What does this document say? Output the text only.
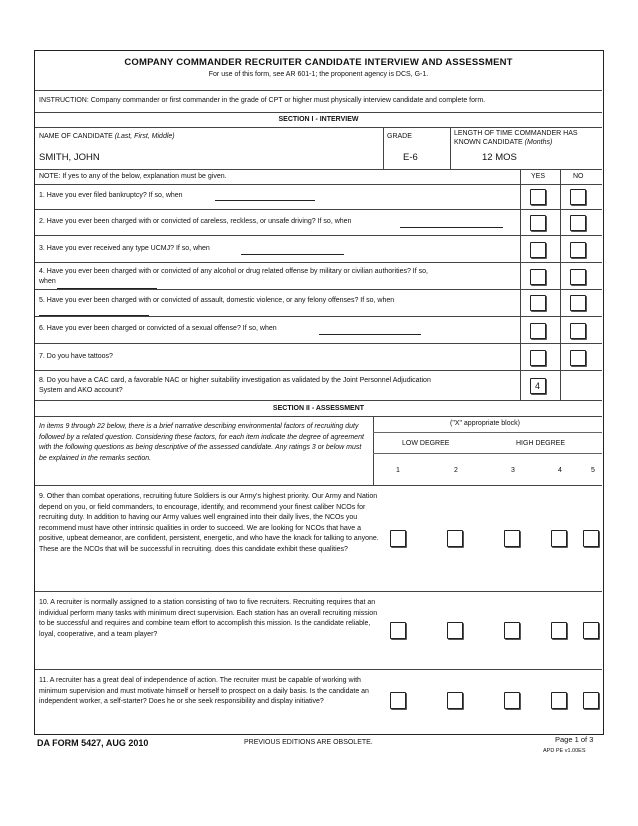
COMPANY COMMANDER RECRUITER CANDIDATE INTERVIEW AND ASSESSMENT
For use of this form, see AR 601-1; the proponent agency is DCS, G-1.
INSTRUCTION: Company commander or first commander in the grade of CPT or higher must physically interview candidate and complete form.
SECTION I - INTERVIEW
NAME OF CANDIDATE (Last, First, Middle)
SMITH, JOHN
GRADE
E-6
LENGTH OF TIME COMMANDER HAS
KNOWN CANDIDATE (Months)
12 MOS
NOTE: If yes to any of the below, explanation must be given.	YES	NO
1. Have you ever filed bankruptcy? If so, when
2. Have you ever been charged with or convicted of careless, reckless, or unsafe driving? If so, when
3. Have you ever received any type UCMJ? If so, when
4. Have you ever been charged with or convicted of any alcohol or drug related offense by military or civilian authorities? If so,
when
5. Have you ever been charged with or convicted of assault, domestic violence, or any felony offenses? If so, when
6. Have you ever been charged or convicted of a sexual offense? If so, when
7. Do you have tattoos?
8. Do you have a CAC card, a favorable NAC or higher suitability investigation as validated by the Joint Personnel Adjudication
System and AKO account?	4
SECTION II - ASSESSMENT
In items 9 through 22 below, there is a brief narrative describing environmental factors of recruiting duty followed by a related question. Considering these factors, for each item indicate the degree of agreement with the following questions as being descriptive of the assessed candidate. Any ratings 3 or below must be explained in the remarks section.
("X" appropriate block)
LOW DEGREE	HIGH DEGREE
1	2	3	4	5
9. Other than combat operations, recruiting future Soldiers is our Army's highest priority. Our Army and Nation depend on you, or field commanders, to encourage, identify, and recommend your finest caliber NCOs for recruiting duty. In addition to having our Army values well engrained into their daily lives, the NCOs you recommend must have other intrinsic qualities in order to succeed. We are looking for NCOs that have a positive, upbeat demeanor, are confident, persistent, energetic, and who have the knack for talking to anyone. These are the NCOs that will be successful in recruiting. does this candidate exhibit these qualities?
10. A recruiter is normally assigned to a station consisting of two to five recruiters. Recruiting requires that an individual perform many tasks with minimum direct supervision. Each station has an overall recruiting mission to be successful and requires and combine team effort to accomplish this mission. Is the candidate reliable, loyal, cooperative, and a team player?
11. A recruiter has a great deal of independence of action. The recruiter must be capable of working with minimum supervision and must motivate himself or herself to prospect on a daily basis. Is the candidate an independent worker, a self-starter? Does he or she seek responsibility and display initiative?
DA FORM 5427, AUG 2010	PREVIOUS EDITIONS ARE OBSOLETE.	Page 1 of 3
APD PE v1.00ES
